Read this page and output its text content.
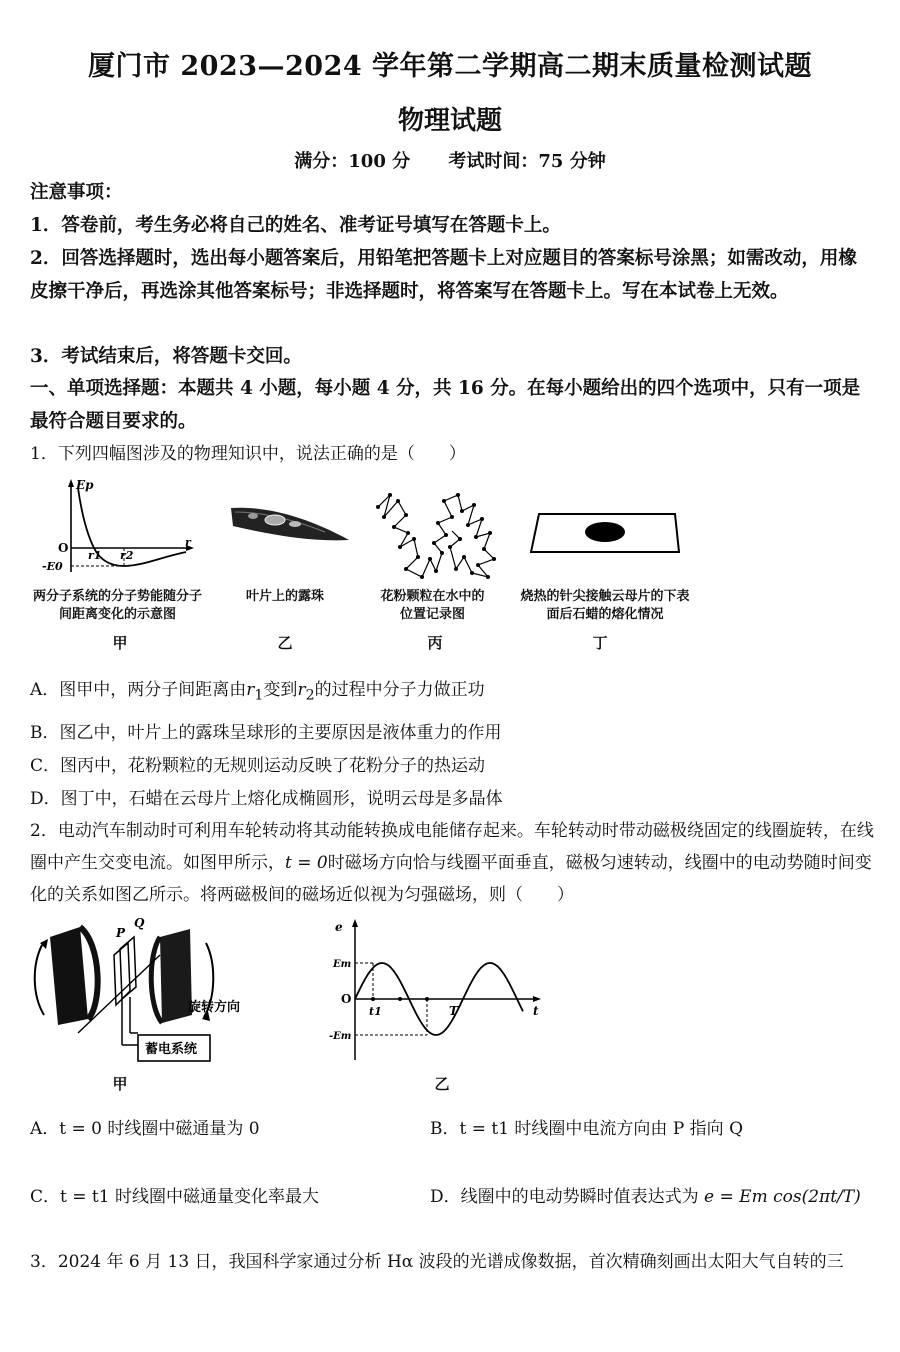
厦门市 2023—2024 学年第二学期高二期末质量检测试题
物理试题
满分：100 分 考试时间：75 分钟
注意事项：
1．答卷前，考生务必将自己的姓名、准考证号填写在答题卡上。
2．回答选择题时，选出每小题答案后，用铅笔把答题卡上对应题目的答案标号涂黑；如需改动，用橡皮擦干净后，再选涂其他答案标号；非选择题时，将答案写在答题卡上。写在本试卷上无效。
3．考试结束后，将答题卡交回。
一、单项选择题：本题共 4 小题，每小题 4 分，共 16 分。在每小题给出的四个选项中，只有一项是最符合题目要求的。
1．下列四幅图涉及的物理知识中，说法正确的是（　　）
Ep
O
r1 r2
r
-E0
两分子系统的分子势能随分子间距离变化的示意图
叶片上的露珠	花粉颗粒在水中的位置记录图
烧热的针尖接触云母片的下表面后石蜡的熔化情况
甲	乙	丙	丁
A．图甲中，两分子间距离由$r_1$变到$r_2$的过程中分子力做正功
B．图乙中，叶片上的露珠呈球形的主要原因是液体重力的作用
C．图丙中，花粉颗粒的无规则运动反映了花粉分子的热运动
D．图丁中，石蜡在云母片上熔化成椭圆形，说明云母是多晶体
2．电动汽车制动时可利用车轮转动将其动能转换成电能储存起来。车轮转动时带动磁极绕固定的线圈旋转，在线圈中产生交变电流。如图甲所示，t = 0时磁场方向恰与线圈平面垂直，磁极匀速转动，线圈中的电动势随时间变化的关系如图乙所示。将两磁极间的磁场近似视为匀强磁场，则（　　）
P
Q
旋转方向
蓄电系统
甲
e
Em
O
-Em
t1	T	t
乙
A．t = 0 时线圈中磁通量为 0	B．t = t1 时线圈中电流方向由 P 指向 Q
C．t = t1 时线圈中磁通量变化率最大	D．线圈中的电动势瞬时值表达式为 e = Em cos(2πt/T)
3．2024 年 6 月 13 日，我国科学家通过分析 Hα 波段的光谱成像数据，首次精确刻画出太阳大气自转的三
